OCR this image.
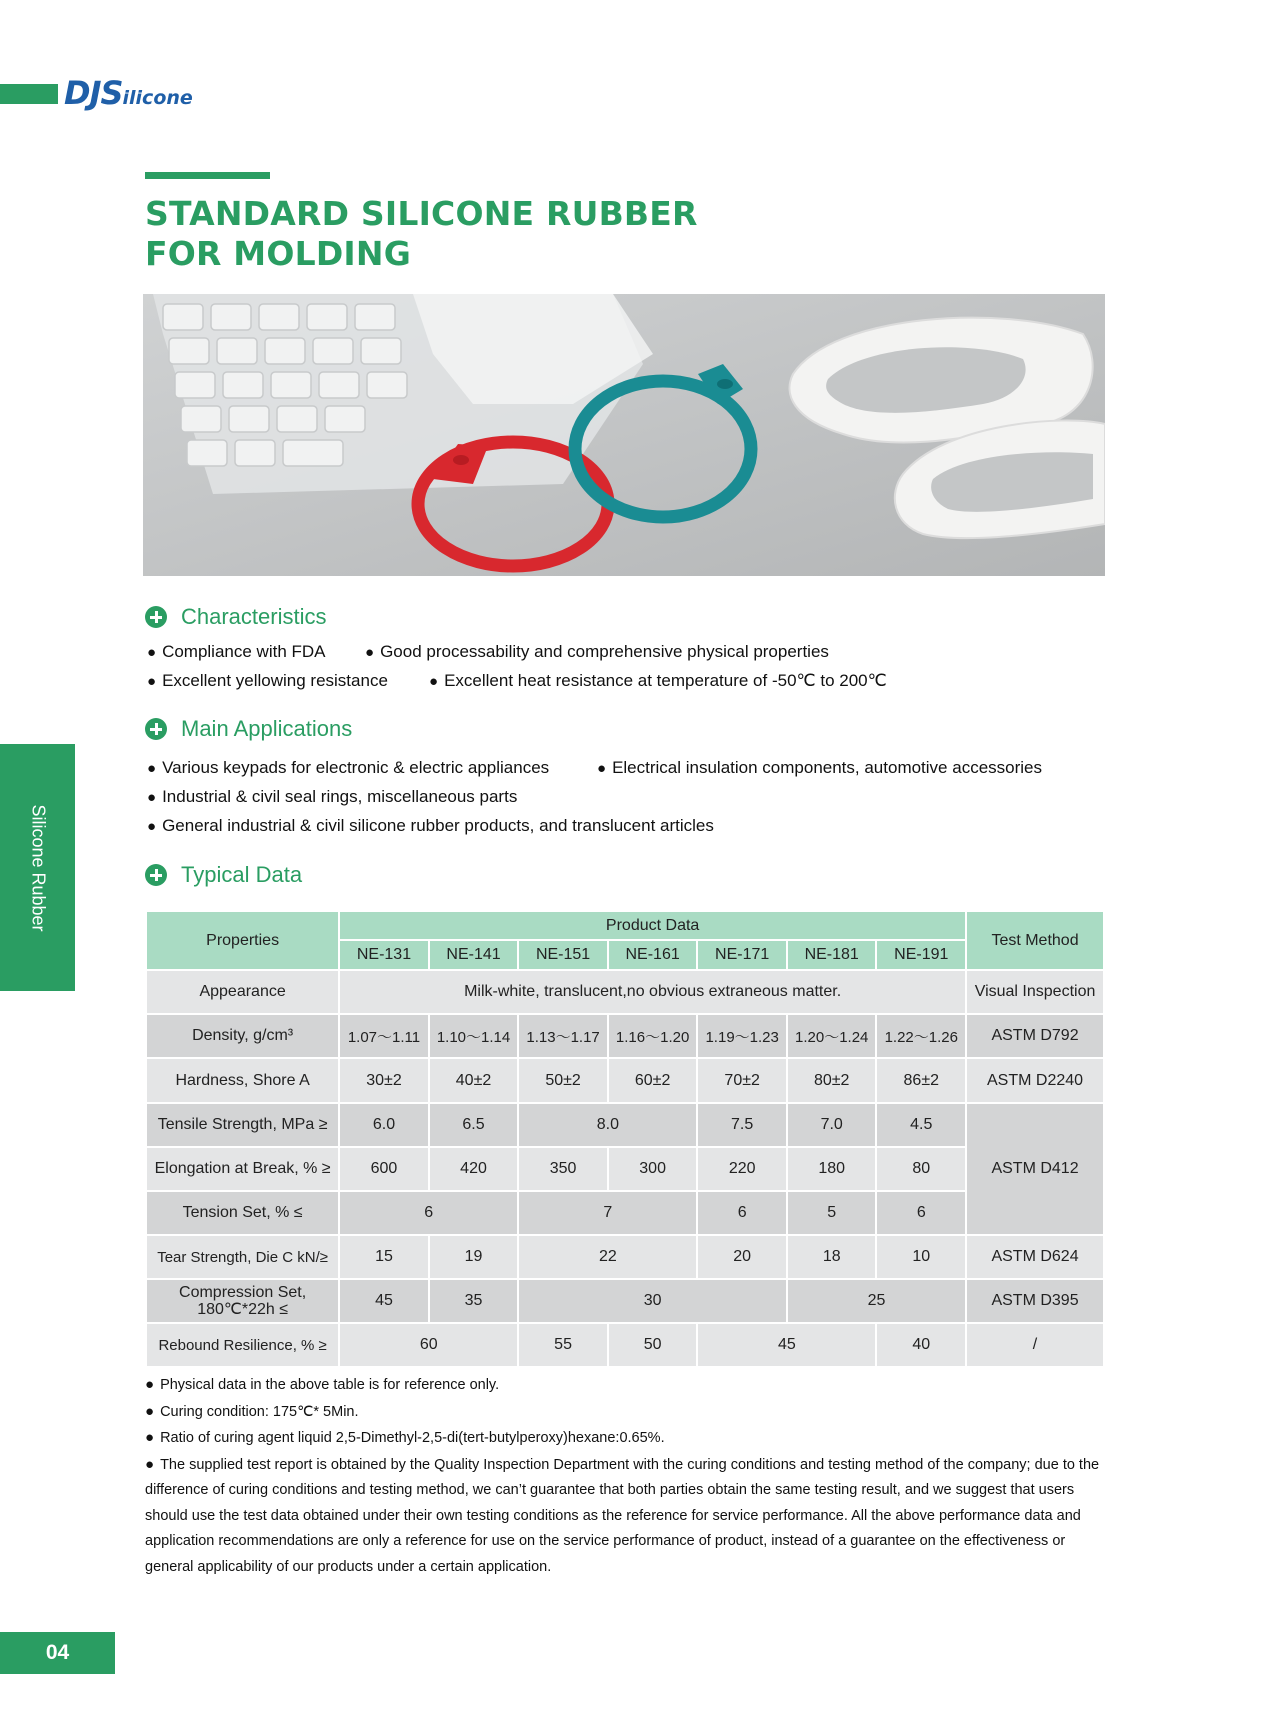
DJSilicone
STANDARD SILICONE RUBBER
FOR MOLDING
Silicone Rubber
Characteristics
● Compliance with FDA	● Good processability and comprehensive physical properties
● Excellent yellowing resistance	● Excellent heat resistance at temperature of -50℃ to 200℃
Main Applications
● Various keypads for electronic & electric appliances	● Electrical insulation components, automotive accessories
● Industrial & civil seal rings, miscellaneous parts
● General industrial & civil silicone rubber products, and translucent articles
Typical Data
Properties	Product Data							Test Method
	NE-131	NE-141	NE-151	NE-161	NE-171	NE-181	NE-191	
Appearance	Milk-white, translucent,no obvious extraneous matter.							Visual Inspection
Density, g/cm³	1.07～1.11	1.10～1.14	1.13～1.17	1.16～1.20	1.19～1.23	1.20～1.24	1.22～1.26	ASTM D792
Hardness, Shore A	30±2	40±2	50±2	60±2	70±2	80±2	86±2	ASTM D2240
Tensile Strength, MPa ≥	6.0	6.5	8.0		7.5	7.0	4.5	ASTM D412
Elongation at Break, % ≥	600	420	350	300	220	180	80	
Tension Set, % ≤	6		7		6	5	6	
Tear Strength, Die C kN/≥	15	19	22		20	18	10	ASTM D624

Compression Set,
180℃*22h ≤	45	35	30			25		ASTM D395
Rebound Resilience, % ≥	60		55	50	45		40	/

● Physical data in the above table is for reference only.

● Curing condition: 175℃* 5Min.

● Ratio of curing agent liquid 2,5-Dimethyl-2,5-di(tert-butylperoxy)hexane:0.65%.

● The supplied test report is obtained by the Quality Inspection Department with the curing conditions and testing method of the company; due to the difference of curing conditions and testing method, we can’t guarantee that both parties obtain the same testing result, and we suggest that users should use the test data obtained under their own testing conditions as the reference for service performance. All the above performance data and application recommendations are only a reference for use on the service performance of product, instead of a guarantee on the effectiveness or general applicability of our products under a certain application.

04
